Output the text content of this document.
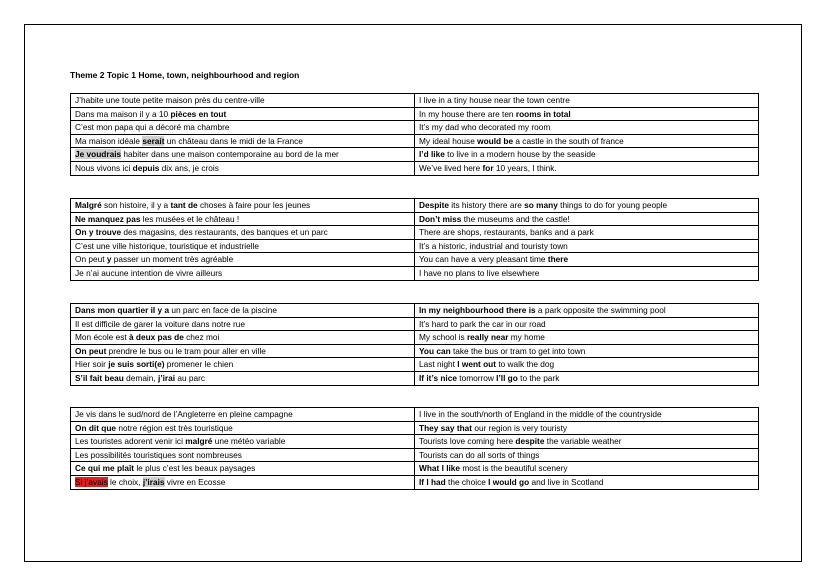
Theme 2 Topic 1 Home, town, neighbourhood and region
J’habite une toute petite maison près du centre-ville	I live in a tiny house near the town centre
Dans ma maison il y a 10 pièces en tout	In my house there are ten rooms in total
C’est mon papa qui a décoré ma chambre	It’s my dad who decorated my room
Ma maison idéale serait un château dans le midi de la France	My ideal house would be a castle in the south of france
Je voudrais habiter dans une maison contemporaine au bord de la mer	I’d like to live in a modern house by the seaside
Nous vivons ici depuis dix ans, je crois	We’ve lived here for 10 years, I think.
Malgré son histoire, il y a tant de choses à faire pour les jeunes	Despite its history there are so many things to do for young people
Ne manquez pas les musées et le château !	Don’t miss the museums and the castle!
On y trouve des magasins, des restaurants, des banques et un parc	There are shops, restaurants, banks and a park
C’est une ville historique, touristique et industrielle	It’s a historic, industrial and touristy town
On peut y passer un moment très agréable	You can have a very pleasant time there
Je n’ai aucune intention de vivre ailleurs	I have no plans to live elsewhere
Dans mon quartier il y a un parc en face de la piscine	In my neighbourhood there is a park opposite the swimming pool
Il est difficile de garer la voiture dans notre rue	It’s hard to park the car in our road
Mon école est à deux pas de chez moi	My school is really near my home
On peut prendre le bus ou le tram pour aller en ville	You can take the bus or tram to get into town
Hier soir je suis sorti(e) promener le chien	Last night I went out to walk the dog
S’il fait beau demain, j’irai au parc	If it’s nice tomorrow I’ll go to the park
Je vis dans le sud/nord de l’Angleterre en pleine campagne	I live in the south/north of England in the middle of the countryside
On dit que notre région est très touristique	They say that our region is very touristy
Les touristes adorent venir ici malgré une météo variable	Tourists love coming here despite the variable weather
Les possibilités touristiques sont nombreuses	Tourists can do all sorts of things
Ce qui me plaît le plus c’est les beaux paysages	What I like most is the beautiful scenery
Si j’avais le choix, j’irais vivre en Ecosse	If I had the choice I would go and live in Scotland
